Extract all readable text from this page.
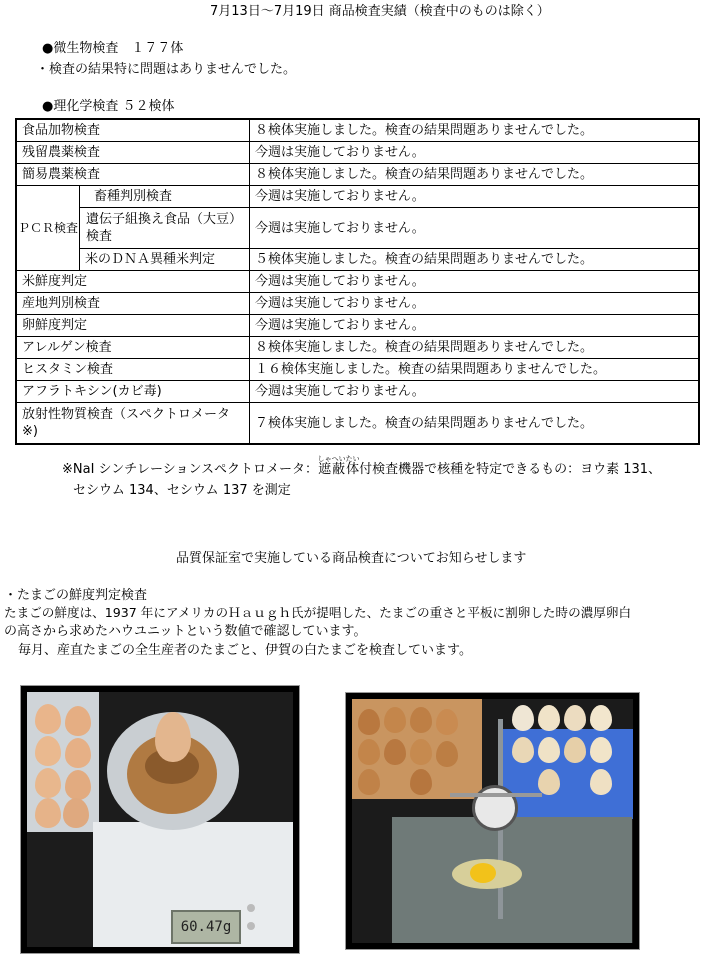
7月13日～7月19日 商品検査実績（検査中のものは除く）
●微生物検査　１７７体
・検査の結果特に問題はありませんでした。
●理化学検査 ５２検体
食品加物検査		８検体実施しました。検査の結果問題ありませんでした。
残留農薬検査		今週は実施しておりません。
簡易農薬検査		８検体実施しました。検査の結果問題ありませんでした。
ＰＣＲ検査	畜種判別検査	今週は実施しておりません。
	遺伝子組換え食品（大豆）検査	今週は実施しておりません。
	米のＤＮＡ異種米判定	５検体実施しました。検査の結果問題ありませんでした。
米鮮度判定		今週は実施しておりません。
産地判別検査		今週は実施しておりません。
卵鮮度判定		今週は実施しておりません。
アレルゲン検査		８検体実施しました。検査の結果問題ありませんでした。
ヒスタミン検査		１６検体実施しました。検査の結果問題ありませんでした。
アフラトキシン(カビ毒)		今週は実施しておりません。
放射性物質検査（スペクトロメータ※)		７検体実施しました。検査の結果問題ありませんでした。
※NaI シンチレーションスペクトロメータ：遮蔽体しゃへいたい付検査機器で核種を特定できるもの：ヨウ素 131、
セシウム 134、セシウム 137 を測定
品質保証室で実施している商品検査についてお知らせします
・たまごの鮮度判定検査
たまごの鮮度は、1937 年にアメリカのＨａｕｇｈ氏が提唱した、たまごの重さと平板に割卵した時の濃厚卵白
の高さから求めたハウユニットという数値で確認しています。
毎月、産直たまごの全生産者のたまごと、伊賀の白たまごを検査しています。
60.47g
